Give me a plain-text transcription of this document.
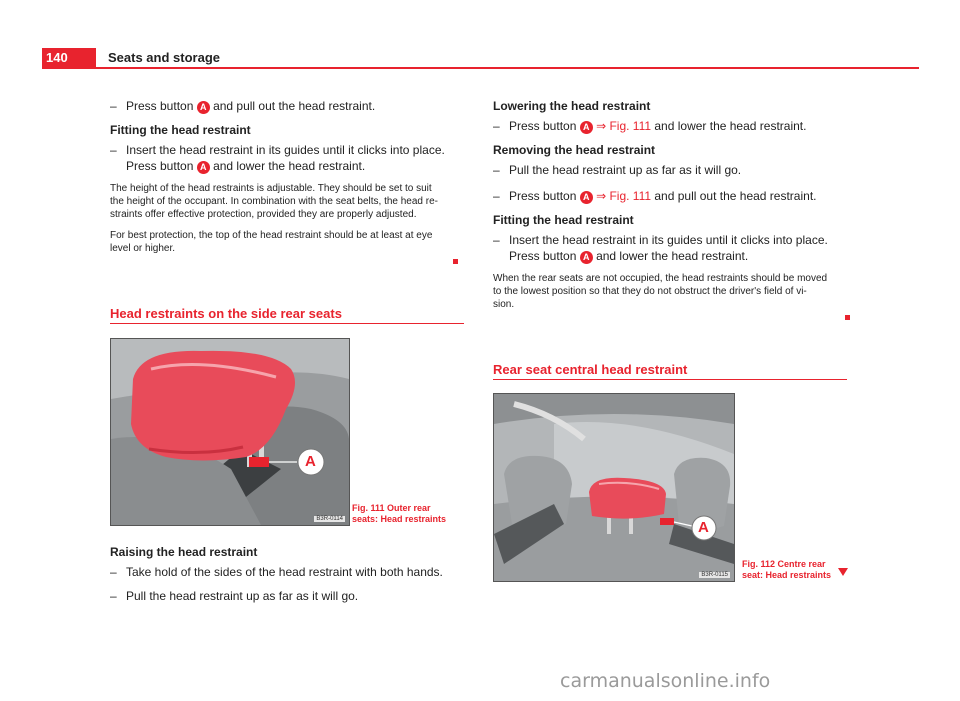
140	Seats and storage

– Press button A and pull out the head restraint.

Fitting the head restraint

– Insert the head restraint in its guides until it clicks into place.
Press button A and lower the head restraint.

The height of the head restraints is adjustable. They should be set to suit
the height of the occupant. In combination with the seat belts, the head re-
straints offer effective protection, provided they are properly adjusted.

For best protection, the top of the head restraint should be at least at eye
level or higher.

Head restraints on the side rear seats
A
B3R-0114
Fig. 111 Outer rear
seats: Head restraints

Raising the head restraint

– Take hold of the sides of the head restraint with both hands.

– Pull the head restraint up as far as it will go.

Lowering the head restraint

– Press button A ⇒ Fig. 111 and lower the head restraint.

Removing the head restraint

– Pull the head restraint up as far as it will go.

– Press button A ⇒ Fig. 111 and pull out the head restraint.

Fitting the head restraint

– Insert the head restraint in its guides until it clicks into place.
Press button A and lower the head restraint.

When the rear seats are not occupied, the head restraints should be moved
to the lowest position so that they do not obstruct the driver's field of vi-
sion.

Rear seat central head restraint
A
B3R-0115
Fig. 112 Centre rear
seat: Head restraints
carmanualsonline.info
